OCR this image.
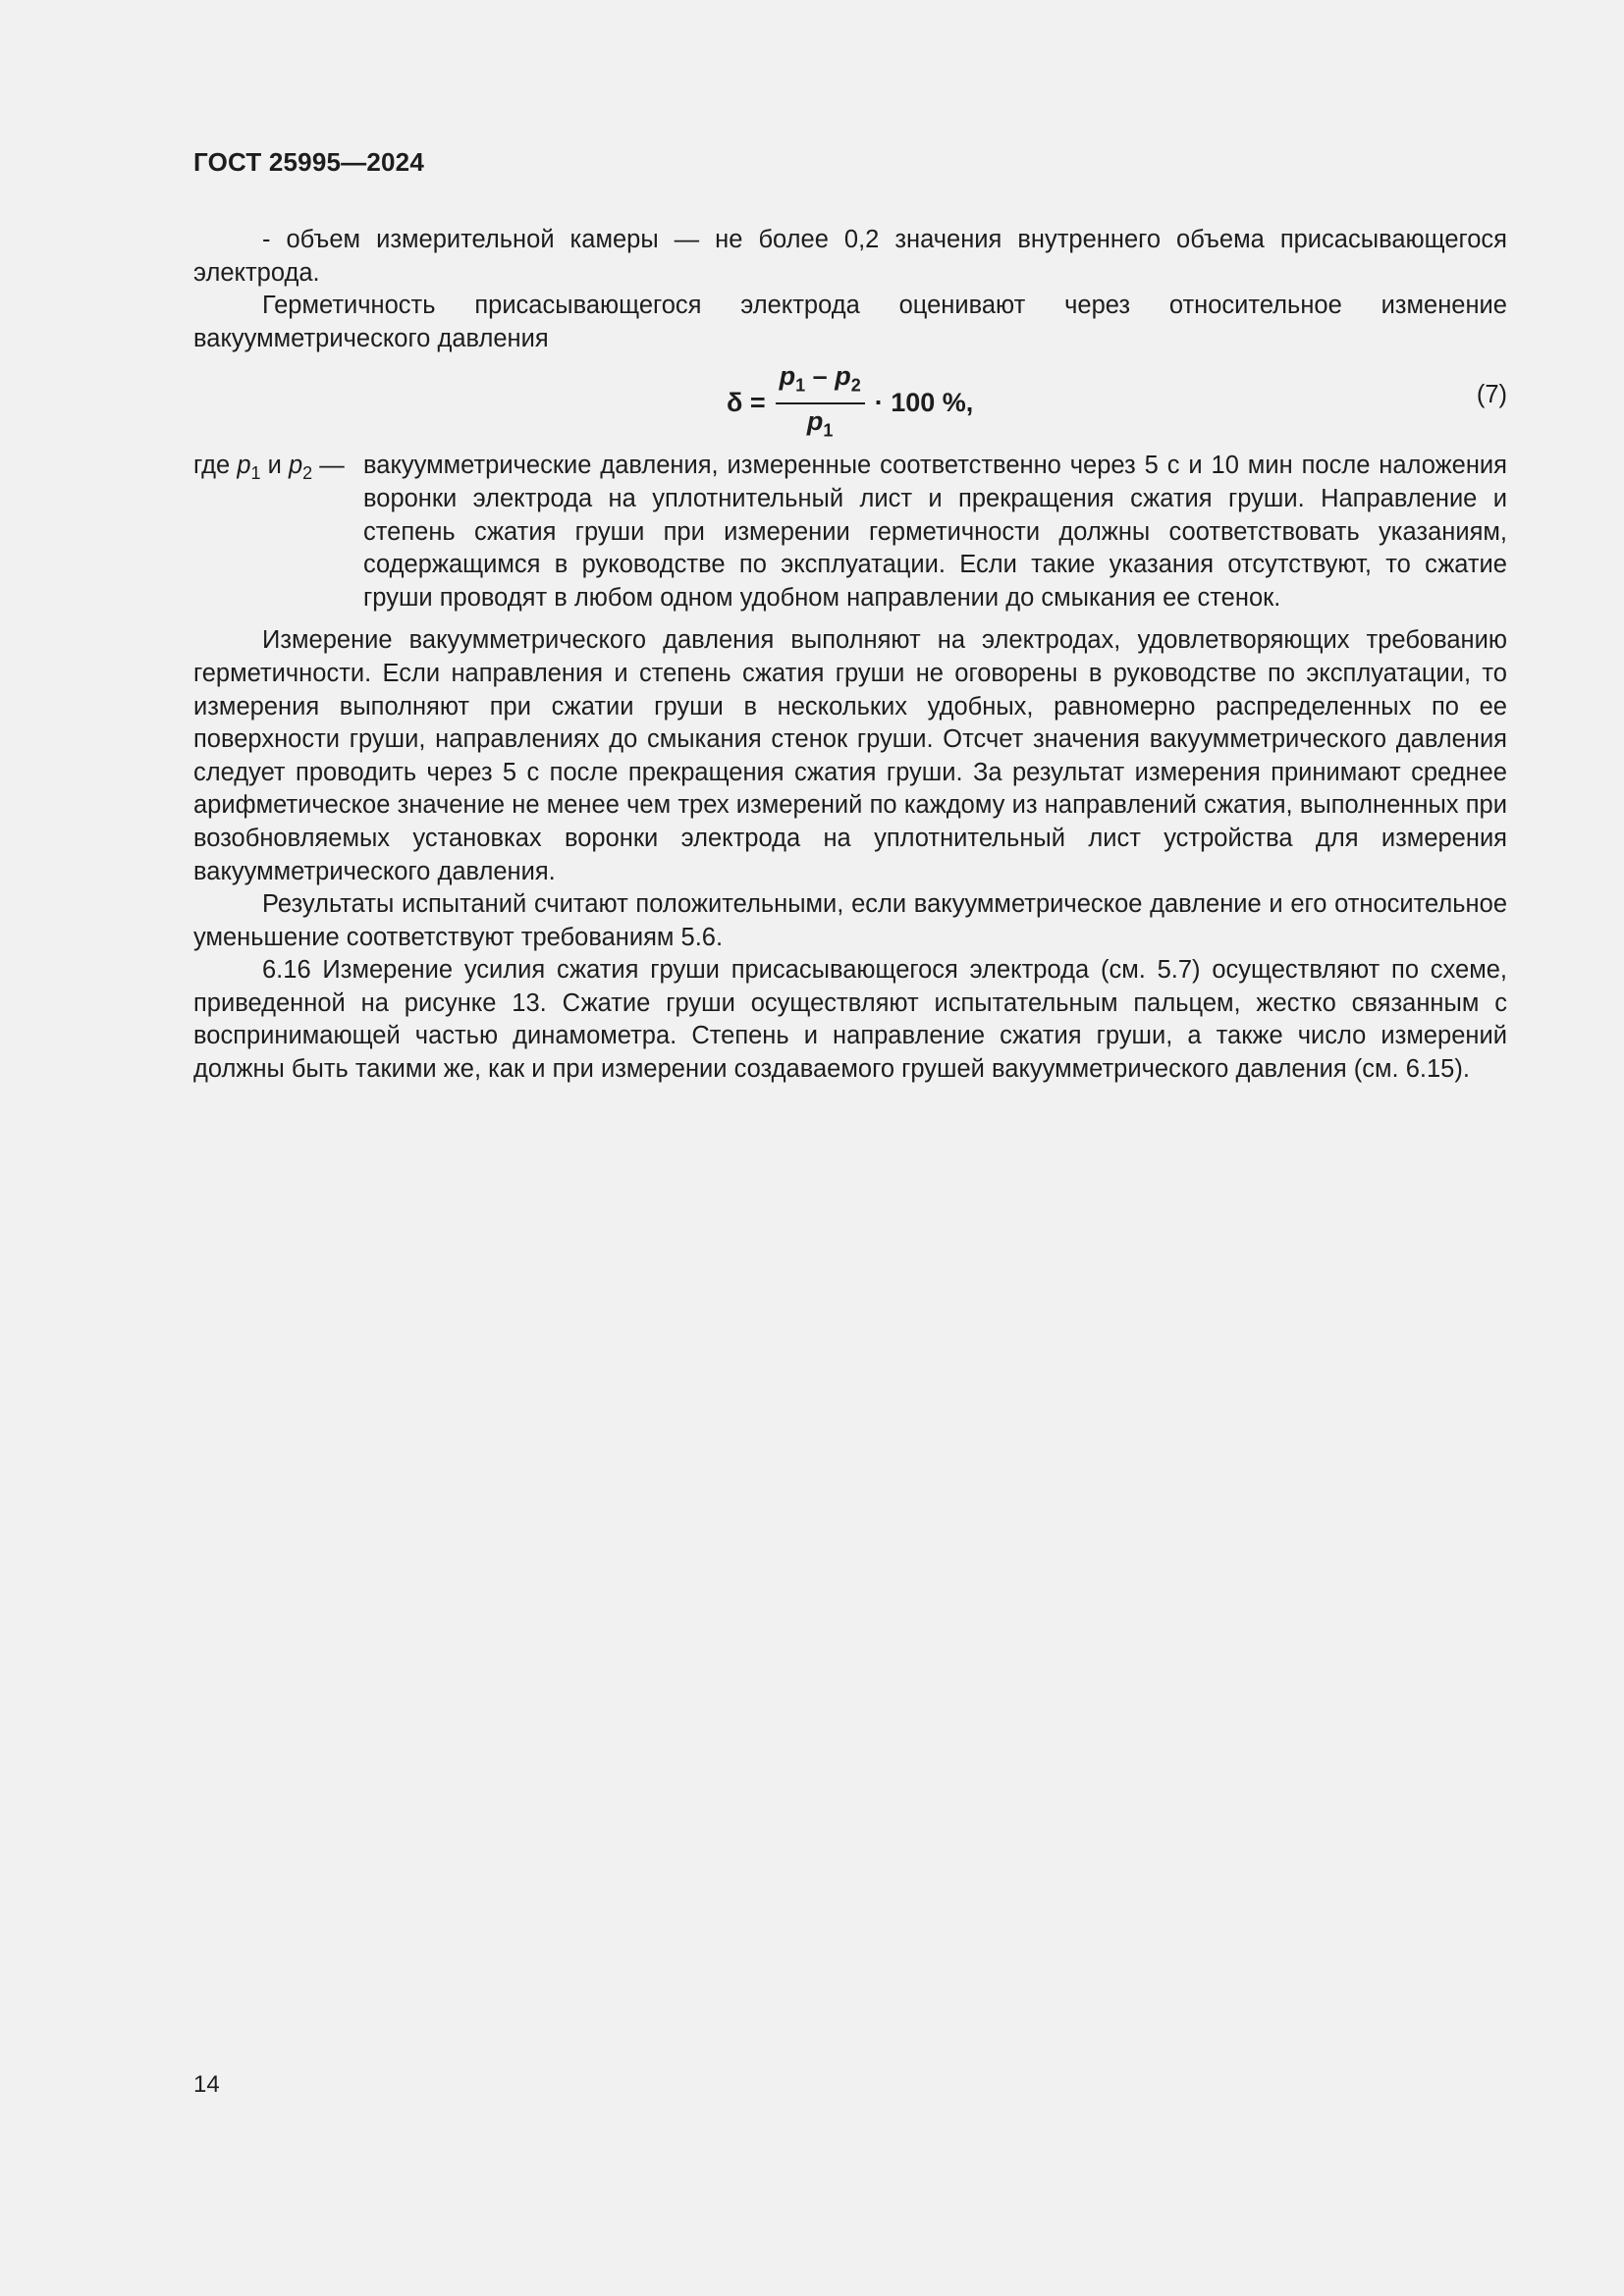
ГОСТ 25995—2024

- объем измерительной камеры — не более 0,2 значения внутреннего объема присасывающегося электрода.

Герметичность присасывающегося электрода оценивают через относительное изменение вакуумметрического давления

$\delta = \frac{p_1 - p_2}{p_1} \cdot 100$ %,	(7)
где $p_1$ и $p_2$ — вакуумметрические давления, измеренные соответственно через 5 с и 10 мин после наложения воронки электрода на уплотнительный лист и прекращения сжатия груши. Направление и степень сжатия груши при измерении герметичности должны соответствовать указаниям, содержащимся в руководстве по эксплуатации. Если такие указания отсутствуют, то сжатие груши проводят в любом одном удобном направлении до смыкания ее стенок.

Измерение вакуумметрического давления выполняют на электродах, удовлетворяющих требованию герметичности. Если направления и степень сжатия груши не оговорены в руководстве по эксплуатации, то измерения выполняют при сжатии груши в нескольких удобных, равномерно распределенных по ее поверхности груши, направлениях до смыкания стенок груши. Отсчет значения вакуумметрического давления следует проводить через 5 с после прекращения сжатия груши. За результат измерения принимают среднее арифметическое значение не менее чем трех измерений по каждому из направлений сжатия, выполненных при возобновляемых установках воронки электрода на уплотнительный лист устройства для измерения вакуумметрического давления.

Результаты испытаний считают положительными, если вакуумметрическое давление и его относительное уменьшение соответствуют требованиям 5.6.

6.16 Измерение усилия сжатия груши присасывающегося электрода (см. 5.7) осуществляют по схеме, приведенной на рисунке 13. Сжатие груши осуществляют испытательным пальцем, жестко связанным с воспринимающей частью динамометра. Степень и направление сжатия груши, а также число измерений должны быть такими же, как и при измерении создаваемого грушей вакуумметрического давления (см. 6.15).

14
